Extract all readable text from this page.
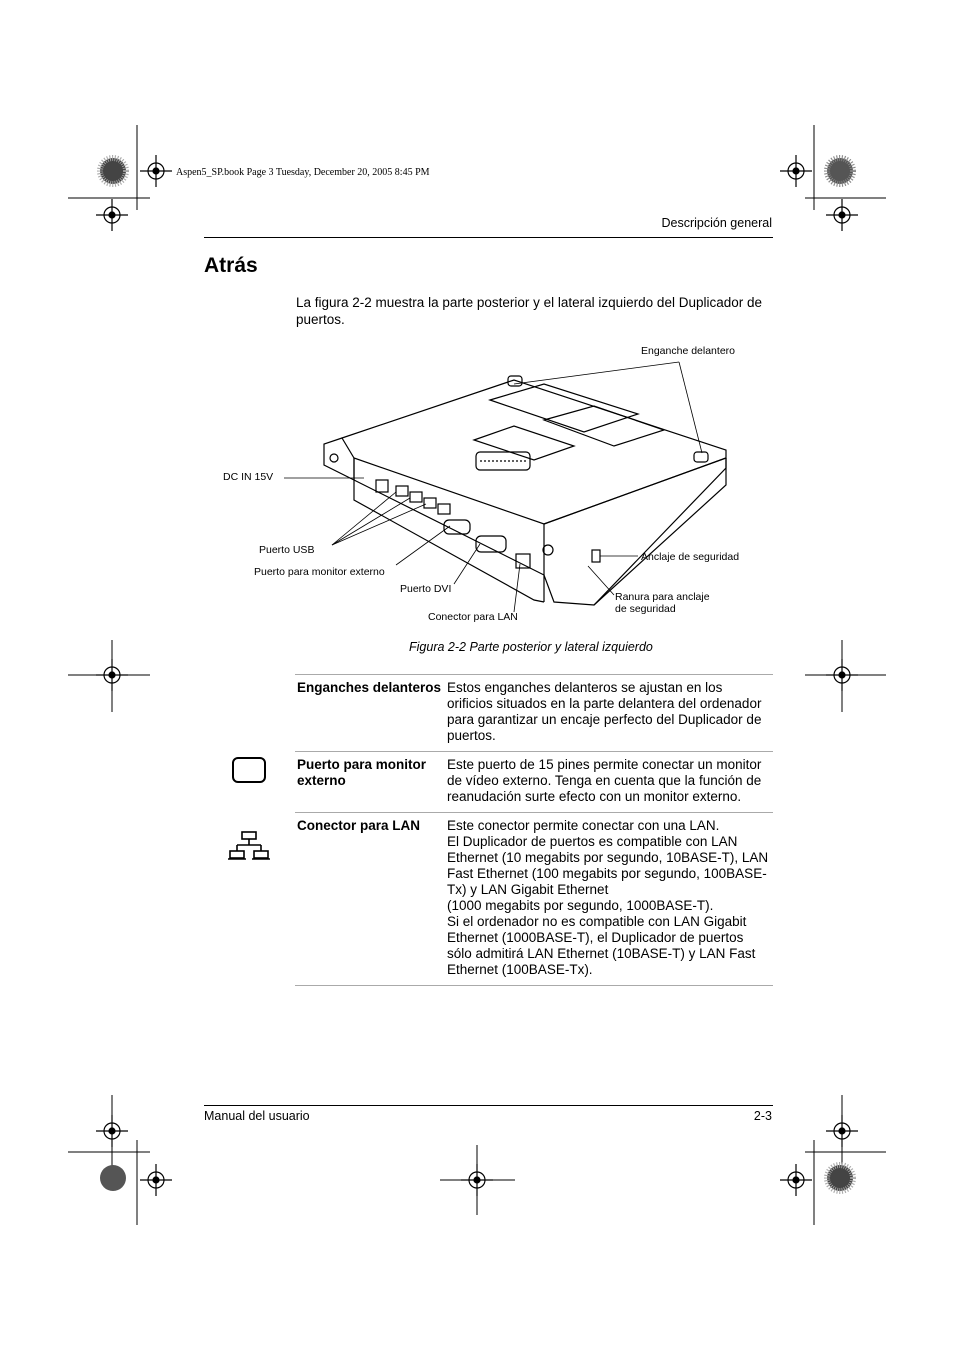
Aspen5_SP.book Page 3 Tuesday, December 20, 2005 8:45 PM
Descripción general
Atrás
La figura 2-2 muestra la parte posterior y el lateral izquierdo del Duplicador de puertos.
Enganche delantero
DC IN 15V
Puerto USB
Puerto para monitor externo
Puerto DVI
Conector para LAN
Anclaje de seguridad
Ranura para anclaje
de seguridad
Figura 2-2 Parte posterior y lateral izquierdo
Enganches delanteros	Estos enganches delanteros se ajustan en los orificios situados en la parte delantera del ordenador para garantizar un encaje perfecto del Duplicador de puertos.
Puerto para monitor externo	Este puerto de 15 pines permite conectar un monitor de vídeo externo. Tenga en cuenta que la función de reanudación surte efecto con un monitor externo.
Conector para LAN	Este conector permite conectar con una LAN.
El Duplicador de puertos es compatible con LAN Ethernet (10 megabits por segundo, 10BASE-T), LAN Fast Ethernet (100 megabits por segundo, 100BASE-Tx) y LAN Gigabit Ethernet
(1000 megabits por segundo, 1000BASE-T).
Si el ordenador no es compatible con LAN Gigabit Ethernet (1000BASE-T), el Duplicador de puertos sólo admitirá LAN Ethernet (10BASE-T) y LAN Fast Ethernet (100BASE-Tx).
Manual del usuario	2-3
